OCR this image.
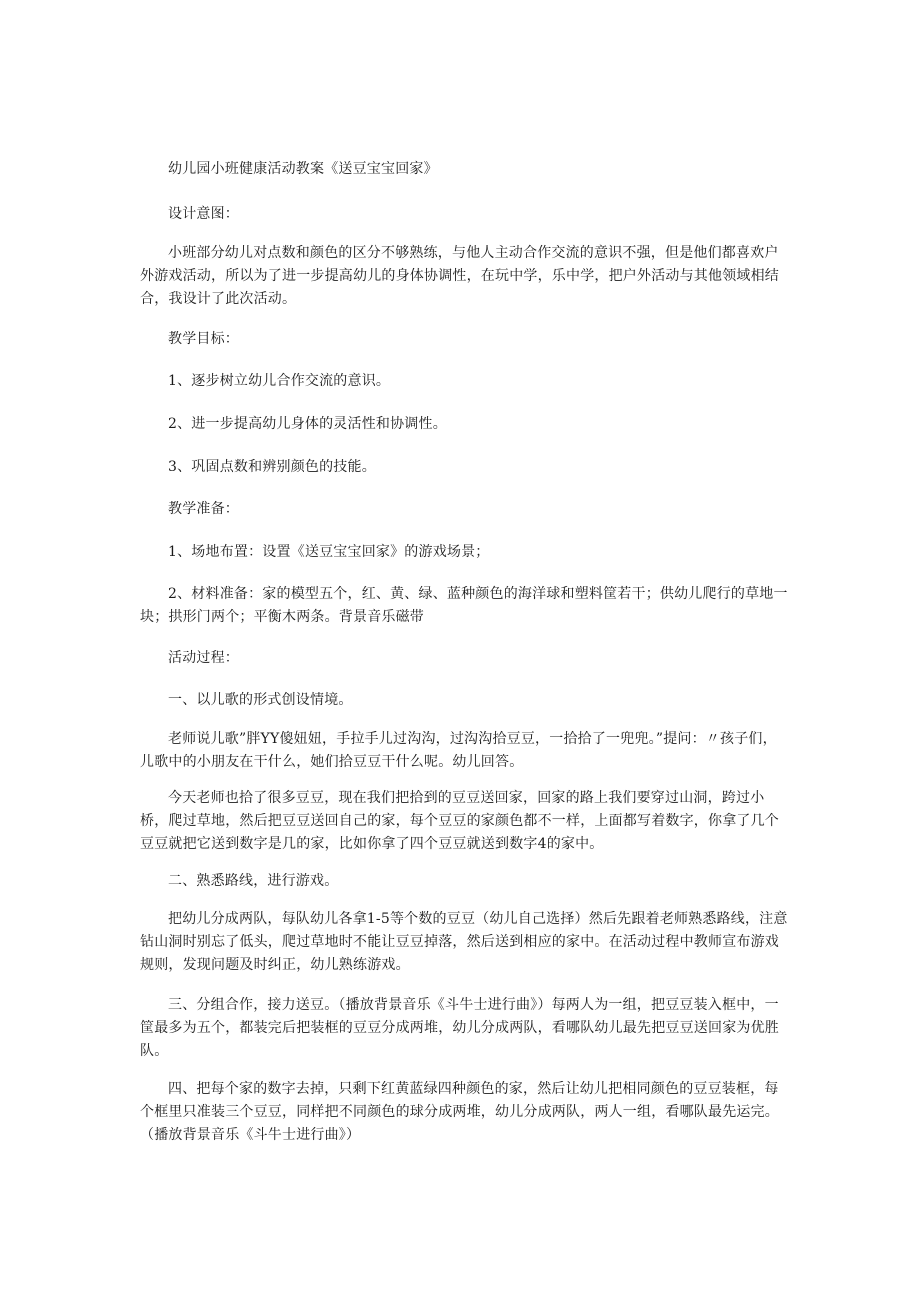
幼儿园小班健康活动教案《送豆宝宝回家》

设计意图：

小班部分幼儿对点数和颜色的区分不够熟练，与他人主动合作交流的意识不强，但是他们都喜欢户外游戏活动，所以为了进一步提高幼儿的身体协调性，在玩中学，乐中学，把户外活动与其他领域相结合，我设计了此次活动。

教学目标：

1、逐步树立幼儿合作交流的意识。

2、进一步提高幼儿身体的灵活性和协调性。

3、巩固点数和辨别颜色的技能。

教学准备：

1、场地布置：设置《送豆宝宝回家》的游戏场景；

2、材料准备：家的模型五个，红、黄、绿、蓝种颜色的海洋球和塑料筐若干；供幼儿爬行的草地一块；拱形门两个；平衡木两条。背景音乐磁带

活动过程：

一、以儿歌的形式创设情境。

老师说儿歌”胖YY傻妞妞，手拉手儿过沟沟，过沟沟拾豆豆，一拾拾了一兜兜。”提问：〃孩子们，儿歌中的小朋友在干什么，她们拾豆豆干什么呢。幼儿回答。

今天老师也拾了很多豆豆，现在我们把拾到的豆豆送回家，回家的路上我们要穿过山洞，跨过小桥，爬过草地，然后把豆豆送回自己的家，每个豆豆的家颜色都不一样，上面都写着数字，你拿了几个豆豆就把它送到数字是几的家，比如你拿了四个豆豆就送到数字4的家中。

二、熟悉路线，进行游戏。

把幼儿分成两队，每队幼儿各拿1-5等个数的豆豆（幼儿自己选择）然后先跟着老师熟悉路线，注意钻山洞时别忘了低头，爬过草地时不能让豆豆掉落，然后送到相应的家中。在活动过程中教师宣布游戏规则，发现问题及时纠正，幼儿熟练游戏。

三、分组合作，接力送豆。（播放背景音乐《斗牛士进行曲》）每两人为一组，把豆豆装入框中，一筐最多为五个，都装完后把装框的豆豆分成两堆，幼儿分成两队，看哪队幼儿最先把豆豆送回家为优胜队。

四、把每个家的数字去掉，只剩下红黄蓝绿四种颜色的家，然后让幼儿把相同颜色的豆豆装框，每个框里只准装三个豆豆，同样把不同颜色的球分成两堆，幼儿分成两队，两人一组，看哪队最先运完。（播放背景音乐《斗牛士进行曲》）
